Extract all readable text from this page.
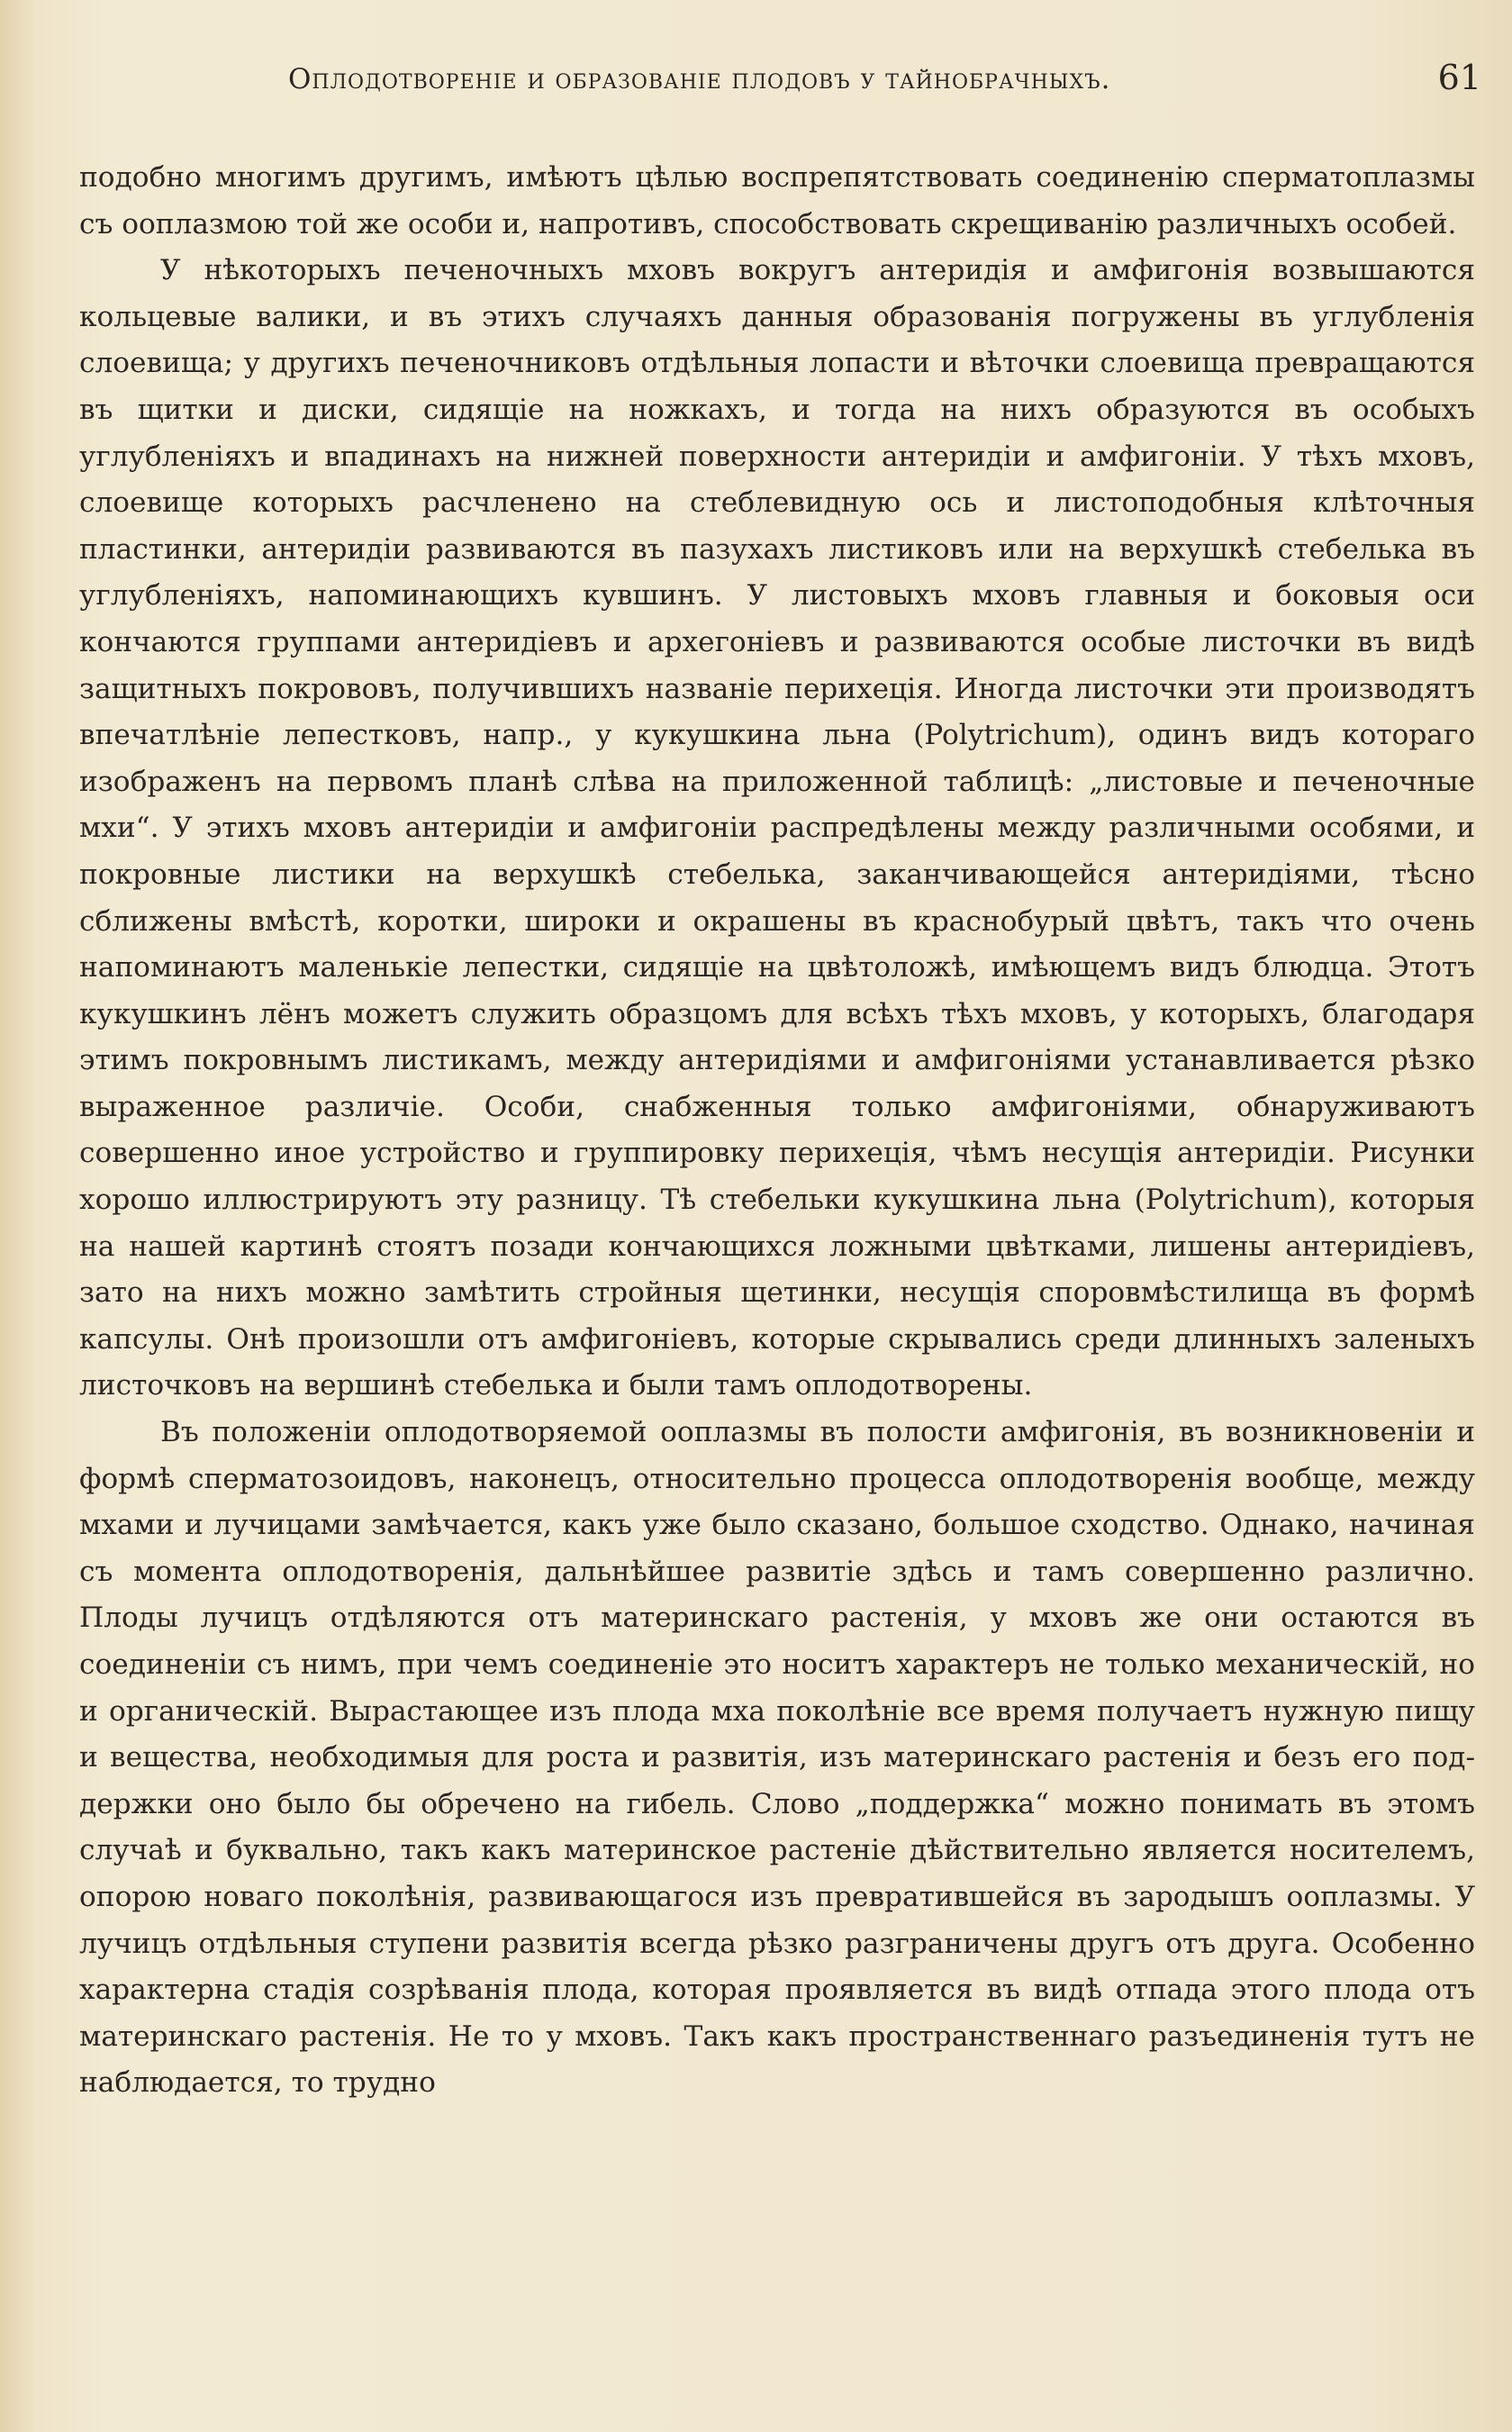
Оплодотвореніе и образованіе плодовъ у тайнобрачныхъ.	61

подобно многимъ другимъ, имѣютъ цѣлью воспрепятствовать соединенію сперматоплазмы съ ооплазмою той же особи и, напротивъ, способствовать скрещиванію различныхъ особей.

У нѣкоторыхъ печеночныхъ мховъ вокругъ антеридія и амфигонія возвышаются кольцевые валики, и въ этихъ случаяхъ данныя образованія погружены въ углубленія слоевища; у другихъ печеночниковъ отдѣльныя лопасти и вѣточки слоевища превращаются въ щитки и диски, сидящіе на ножкахъ, и тогда на нихъ образуются въ особыхъ углубленіяхъ и впадинахъ на нижней поверхности антеридіи и амфигоніи. У тѣхъ мховъ, слоевище которыхъ расчленено на стеблевидную ось и листоподобныя клѣточныя пластинки, антеридіи развиваются въ пазухахъ листиковъ или на верхушкѣ стебелька въ углубленіяхъ, напоминающихъ кувшинъ. У листовыхъ мховъ главныя и боковыя оси кончаются группами антеридіевъ и архегоніевъ и развиваются особые листочки въ видѣ защитныхъ покрововъ, получившихъ названіе перихеція. Иногда листочки эти производятъ впечатлѣніе лепестковъ, напр., у кукушкина льна (Polytrichum), одинъ видъ котораго изображенъ на первомъ планѣ слѣва на приложенной таблицѣ: „листовые и печеночные мхи“. У этихъ мховъ антеридіи и амфигоніи распредѣлены между различными особями, и покровные листики на верхушкѣ стебелька, заканчивающейся антеридіями, тѣсно сближены вмѣстѣ, коротки, широки и окрашены въ краснобурый цвѣтъ, такъ что очень напоминаютъ маленькіе лепестки, сидящіе на цвѣтоложѣ, имѣющемъ видъ блюдца. Этотъ кукушкинъ лёнъ можетъ служить образцомъ для всѣхъ тѣхъ мховъ, у которыхъ, благодаря этимъ покровнымъ листикамъ, между антеридіями и амфигоніями устанавливается рѣзко выраженное различіе. Особи, снабженныя только амфигоніями, обнаруживаютъ совершенно иное устройство и группировку перихеція, чѣмъ несущія антеридіи. Рисунки хорошо иллюстрируютъ эту разницу. Тѣ стебельки кукушкина льна (Polytrichum), которыя на нашей картинѣ стоятъ позади кончающихся ложными цвѣтками, лишены антеридіевъ, зато на нихъ можно замѣтить стройныя щетинки, несущія споровмѣстилища въ формѣ капсулы. Онѣ произошли отъ амфигоніевъ, которые скрывались среди длинныхъ заленыхъ листочковъ на вершинѣ стебелька и были тамъ оплодотворены.

Въ положеніи оплодотворяемой ооплазмы въ полости амфигонія, въ возникновеніи и формѣ сперматозоидовъ, наконецъ, относительно процесса оплодотворенія вообще, между мхами и лучицами замѣчается, какъ уже было сказано, большое сходство. Однако, начиная съ момента оплодотворенія, дальнѣйшее развитіе здѣсь и тамъ совершенно различно. Плоды лучицъ отдѣляются отъ материнскаго растенія, у мховъ же они остаются въ соединеніи съ нимъ, при чемъ соединеніе это носитъ характеръ не только механическій, но и органическій. Вырастающее изъ плода мха поколѣніе все время получаетъ нужную пищу и вещества, необходимыя для роста и развитія, изъ материнскаго растенія и безъ его поддержки оно было бы обречено на гибель. Слово „поддержка“ можно понимать въ этомъ случаѣ и буквально, такъ какъ материнское растеніе дѣйствительно является носителемъ, опорою новаго поколѣнія, развивающагося изъ превратившейся въ зародышъ ооплазмы. У лучицъ отдѣльныя ступени развитія всегда рѣзко разграничены другъ отъ друга. Особенно характерна стадія созрѣванія плода, которая проявляется въ видѣ отпада этого плода отъ материнскаго растенія. Не то у мховъ. Такъ какъ пространственнаго разъединенія тутъ не наблюдается, то трудно
